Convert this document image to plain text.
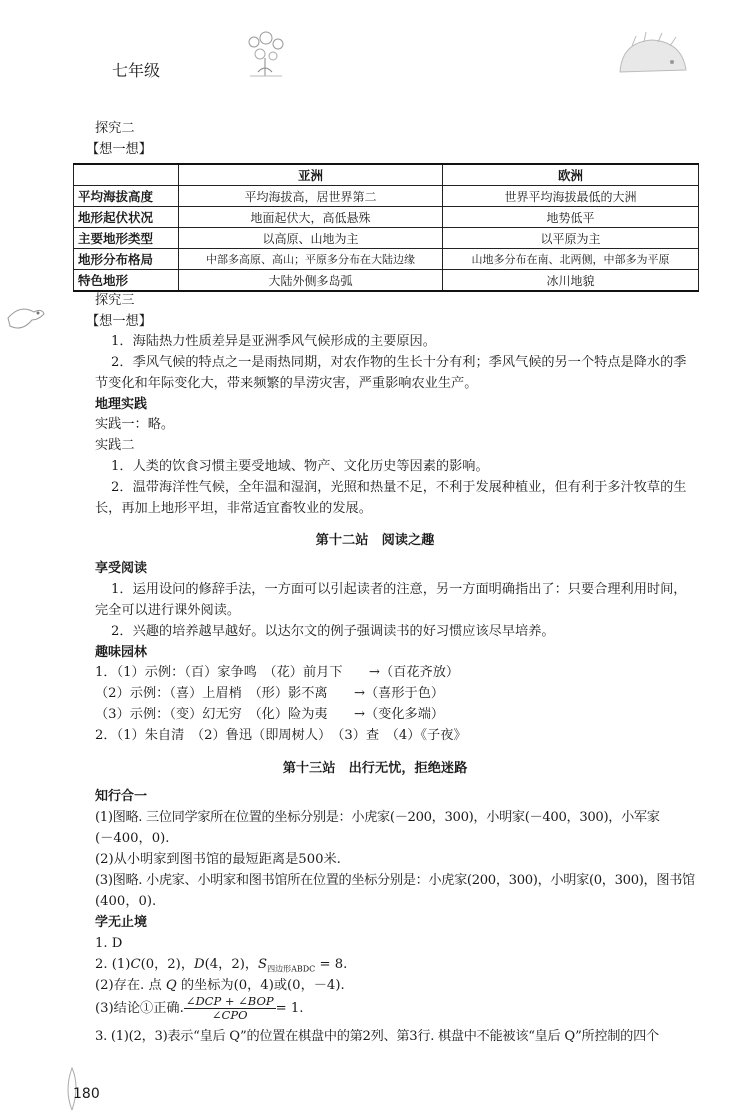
七年级
探究二
【想一想】
	亚洲	欧洲
平均海拔高度	平均海拔高，居世界第二	世界平均海拔最低的大洲
地形起伏状况	地面起伏大，高低悬殊	地势低平
主要地形类型	以高原、山地为主	以平原为主
地形分布格局	中部多高原、高山；平原多分布在大陆边缘	山地多分布在南、北两侧，中部多为平原
特色地形	大陆外侧多岛弧	冰川地貌
探究三
【想一想】
1．海陆热力性质差异是亚洲季风气候形成的主要原因。
2．季风气候的特点之一是雨热同期，对农作物的生长十分有利；季风气候的另一个特点是降水的季
节变化和年际变化大，带来频繁的旱涝灾害，严重影响农业生产。
地理实践
实践一：略。
实践二
1．人类的饮食习惯主要受地域、物产、文化历史等因素的影响。
2．温带海洋性气候，全年温和湿润，光照和热量不足，不利于发展种植业，但有利于多汁牧草的生
长，再加上地形平坦，非常适宜畜牧业的发展。
第十二站　阅读之趣
享受阅读
1．运用设问的修辞手法，一方面可以引起读者的注意，另一方面明确指出了：只要合理利用时间，
完全可以进行课外阅读。
2．兴趣的培养越早越好。以达尔文的例子强调读书的好习惯应该尽早培养。
趣味园林
1．（1）示例：（百）家争鸣　（花）前月下　　→（百花齐放）
（2）示例：（喜）上眉梢　（形）影不离　　→（喜形于色）
（3）示例：（变）幻无穷　（化）险为夷　　→（变化多端）
2．（1）朱自清　（2）鲁迅（即周树人）　（3）查　（4）《子夜》
第十三站　出行无忧，拒绝迷路
知行合一
(1)图略. 三位同学家所在位置的坐标分别是：小虎家(－200，300)，小明家(－400，300)，小军家
(－400，0).
(2)从小明家到图书馆的最短距离是500米.
(3)图略. 小虎家、小明家和图书馆所在位置的坐标分别是：小虎家(200，300)，小明家(0，300)，图书馆
(400，0).
学无止境
1. D
2. (1)C(0，2)，D(4，2)，$S_{四边形ABDC} = 8$.
(2)存在. 点 Q 的坐标为(0，4)或(0，－4).
(3)结论①正确. $\frac{\text{∠DCP + ∠BOP}}{\text{∠CPO}} = 1$.
3. (1)(2，3)表示“皇后 Q”的位置在棋盘中的第2列、第3行. 棋盘中不能被该“皇后 Q”所控制的四个
180
